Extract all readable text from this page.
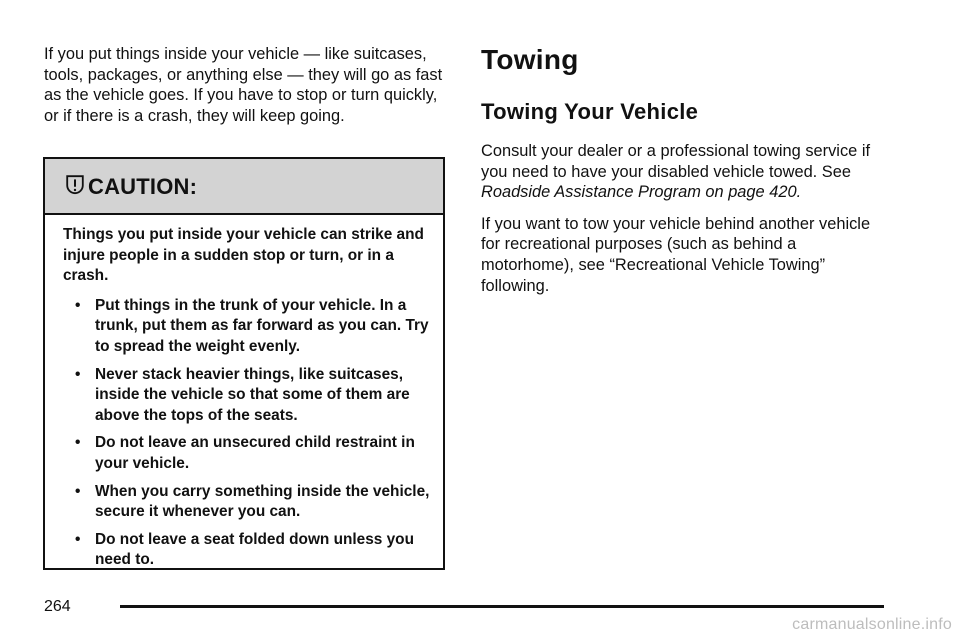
If you put things inside your vehicle — like suitcases, tools, packages, or anything else — they will go as fast as the vehicle goes. If you have to stop or turn quickly, or if there is a crash, they will keep going.

CAUTION:

Things you put inside your vehicle can strike and injure people in a sudden stop or turn, or in a crash.

• Put things in the trunk of your vehicle. In a trunk, put them as far forward as you can. Try to spread the weight evenly.
• Never stack heavier things, like suitcases, inside the vehicle so that some of them are above the tops of the seats.
• Do not leave an unsecured child restraint in your vehicle.
• When you carry something inside the vehicle, secure it whenever you can.
• Do not leave a seat folded down unless you need to.
Towing
Towing Your Vehicle

Consult your dealer or a professional towing service if you need to have your disabled vehicle towed. See Roadside Assistance Program on page 420.

If you want to tow your vehicle behind another vehicle for recreational purposes (such as behind a motorhome), see “Recreational Vehicle Towing” following.

264
carmanualsonline.info
